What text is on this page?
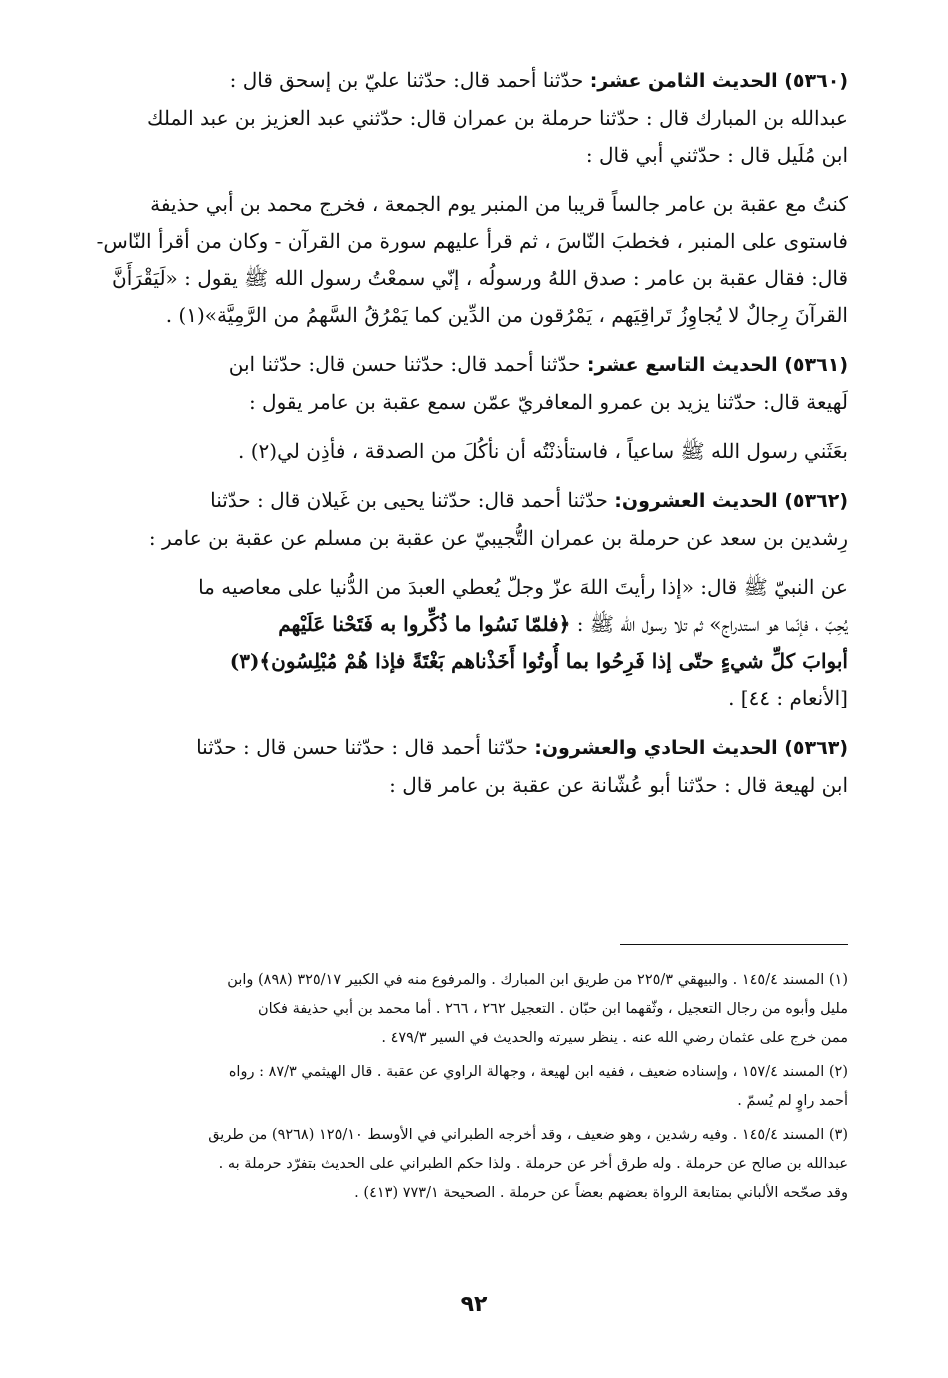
(٥٣٦٠) الحديث الثامن عشر: حدّثنا أحمد قال: حدّثنا عليّ بن إسحق قال :
عبدالله بن المبارك قال : حدّثنا حرملة بن عمران قال: حدّثني عبد العزيز بن عبد الملك
ابن مُلَيل قال : حدّثني أبي قال :
كنتُ مع عقبة بن عامر جالساً قريبا من المنبر يوم الجمعة ، فخرج محمد بن أبي حذيفة
فاستوى على المنبر ، فخطبَ النّاسَ ، ثم قرأ عليهم سورة من القرآن - وكان من أقرأ النّاس-
قال: فقال عقبة بن عامر : صدق اللهُ ورسولُه ، إنّي سمعْتُ رسول الله ﷺ يقول : «لَيَقْرَأَنَّ
القرآنَ رِجالٌ لا يُجاوِزُ تَراقِيَهم ، يَمْرُقون من الدِّين كما يَمْرُقُ السَّهمُ من الرَّمِيَّة»(١) .
(٥٣٦١) الحديث التاسع عشر: حدّثنا أحمد قال: حدّثنا حسن قال: حدّثنا ابن
لَهيعة قال: حدّثنا يزيد بن عمرو المعافريّ عمّن سمع عقبة بن عامر يقول :
بعَثَني رسول الله ﷺ ساعياً ، فاستأذنْتُه أن نأكُلَ من الصدقة ، فأذِن لي(٢) .
(٥٣٦٢) الحديث العشرون: حدّثنا أحمد قال: حدّثنا يحيى بن غَيلان قال : حدّثنا
رِشدين بن سعد عن حرملة بن عمران التُّجيبيّ عن عقبة بن مسلم عن عقبة بن عامر :
عن النبيّ ﷺ قال: «إذا رأيتَ اللهَ عزّ وجلّ يُعطي العبدَ من الدُّنيا على معاصيه ما
يُحِبّ ، فإنّما هو استدراج» ثم تلا رسول الله ﷺ : ﴿فلمّا نَسُوا ما ذُكِّروا به فَتَحْنا عَلَيْهم
أبوابَ كلِّ شيءٍ حتّى إذا فَرِحُوا بما أُوتُوا أَخَذْناهم بَغْتَةً فإذا هُمْ مُبْلِسُون﴾(٣)
[الأنعام : ٤٤] .
(٥٣٦٣) الحديث الحادي والعشرون: حدّثنا أحمد قال : حدّثنا حسن قال : حدّثنا
ابن لهيعة قال : حدّثنا أبو عُشّانة عن عقبة بن عامر قال :
(١) المسند ١٤٥/٤ . والبيهقي ٢٢٥/٣ من طريق ابن المبارك . والمرفوع منه في الكبير ٣٢٥/١٧ (٨٩٨) وابن
مليل وأبوه من رجال التعجيل ، وثّقهما ابن حبّان . التعجيل ٢٦٢ ، ٢٦٦ . أما محمد بن أبي حذيفة فكان
ممن خرج على عثمان رضي الله عنه . ينظر سيرته والحديث في السير ٤٧٩/٣ .
(٢) المسند ١٥٧/٤ ، وإسناده ضعيف ، ففيه ابن لهيعة ، وجهالة الراوي عن عقبة . قال الهيثمي ٨٧/٣ : رواه
أحمد راوٍ لم يُسمّ .
(٣) المسند ١٤٥/٤ . وفيه رشدين ، وهو ضعيف ، وقد أخرجه الطبراني في الأوسط ١٢٥/١٠ (٩٢٦٨) من طريق
عبدالله بن صالح عن حرملة . وله طرق أخر عن حرملة . ولذا حكم الطبراني على الحديث بتفرّد حرملة به .
وقد صحّحه الألباني بمتابعة الرواة بعضهم بعضاً عن حرملة . الصحيحة ٧٧٣/١ (٤١٣) .
٩٢
